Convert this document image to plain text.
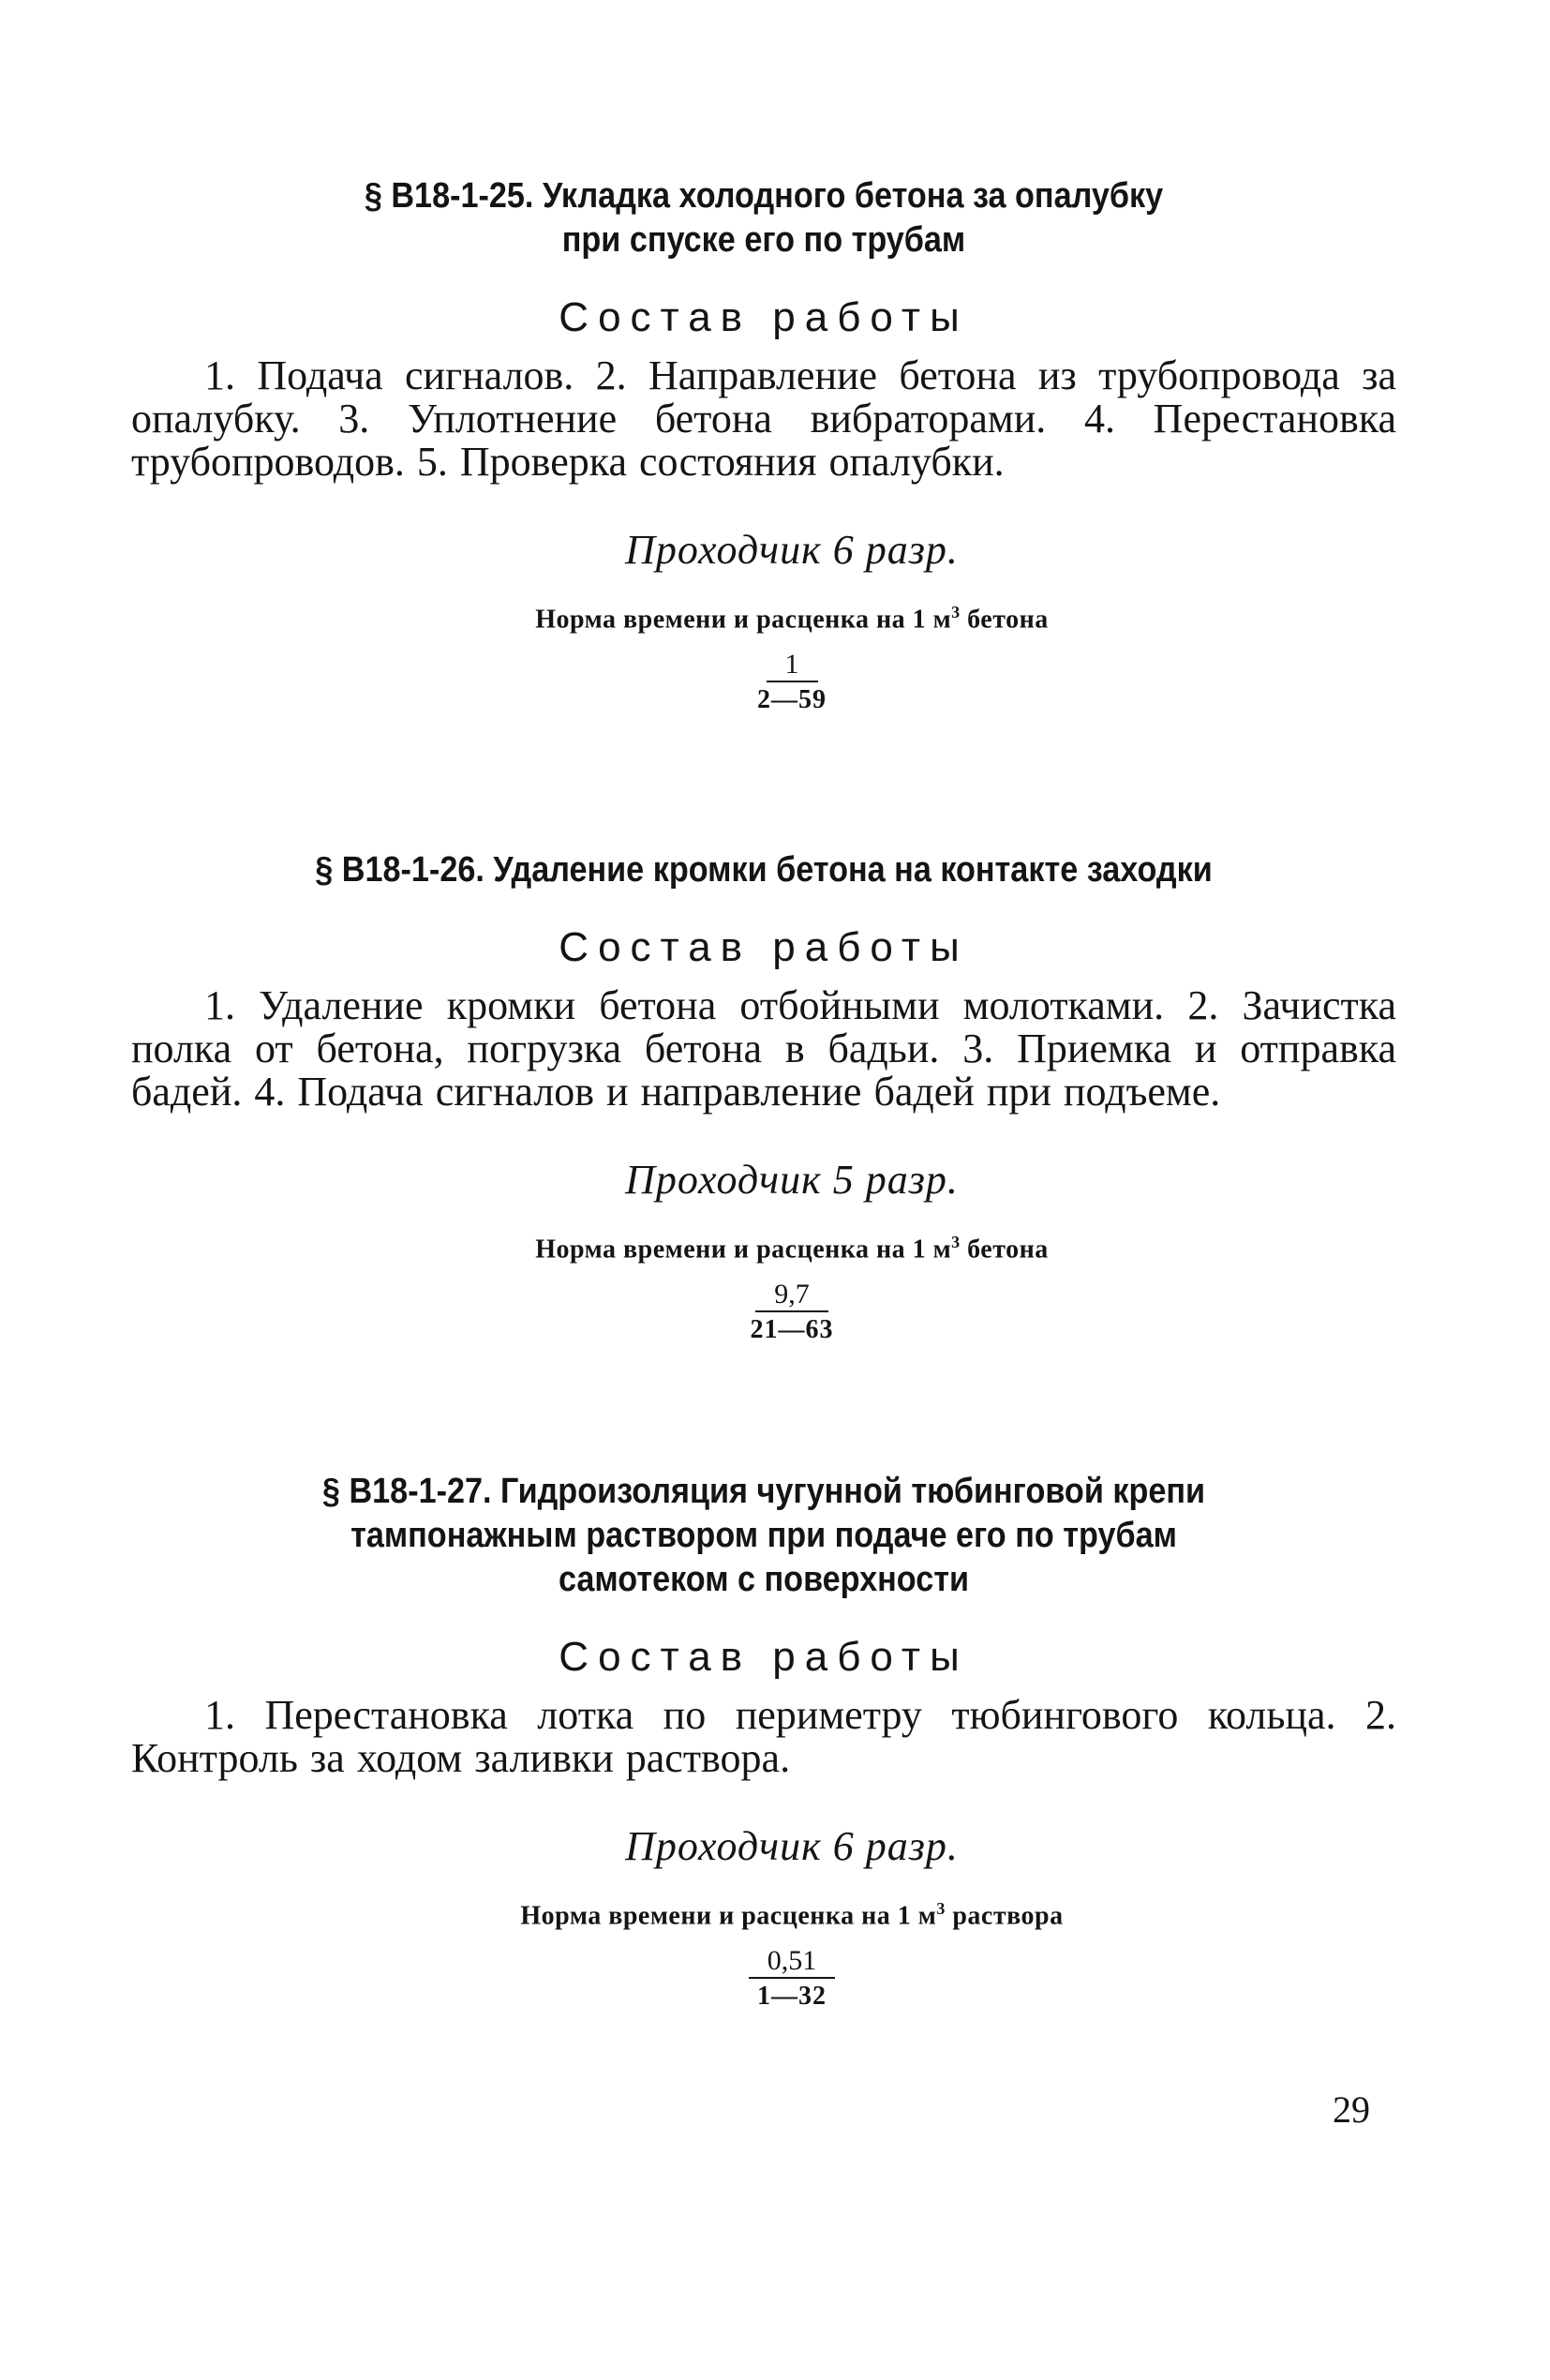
§ В18-1-25. Укладка холодного бетона за опалубку
при спуске его по трубам
Состав работы

1. Подача сигналов. 2. Направление бетона из трубопровода за опалубку. 3. Уплотнение бетона вибраторами. 4. Перестановка трубопроводов. 5. Проверка состояния опалубки.

Проходчик 6 разр.
Норма времени и расценка на 1 $м^3$ бетона
$\frac{1}{2—59}$
§ В18-1-26. Удаление кромки бетона на контакте заходки
Состав работы

1. Удаление кромки бетона отбойными молотками. 2. Зачистка полка от бетона, погрузка бетона в бадьи. 3. Приемка и отправка бадей. 4. Подача сигналов и направление бадей при подъеме.

Проходчик 5 разр.
Норма времени и расценка на 1 $м^3$ бетона
$\frac{9,7}{21—63}$
§ В18-1-27. Гидроизоляция чугунной тюбинговой крепи
тампонажным раствором при подаче его по трубам
самотеком с поверхности
Состав работы

1. Перестановка лотка по периметру тюбингового кольца. 2. Контроль за ходом заливки раствора.

Проходчик 6 разр.
Норма времени и расценка на 1 $м^3$ раствора
$\frac{0,51}{1—32}$
29
